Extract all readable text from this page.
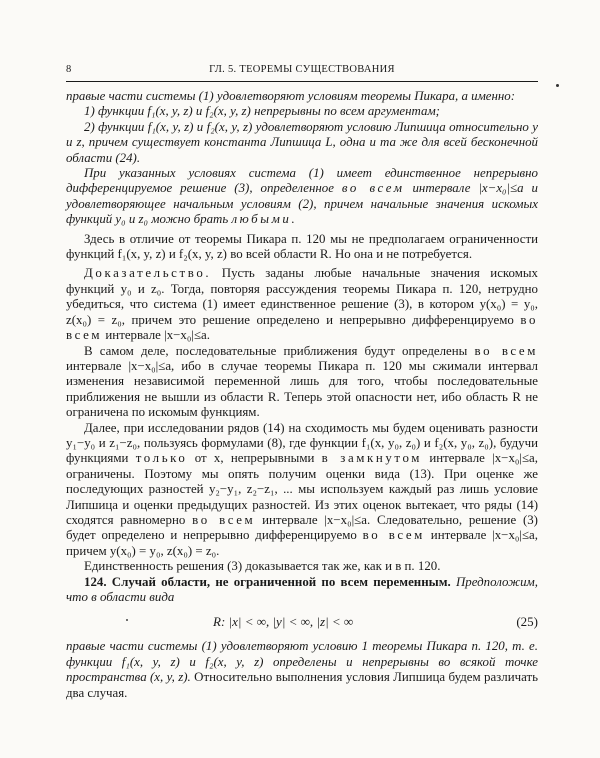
8	ГЛ. 5. ТЕОРЕМЫ СУЩЕСТВОВАНИЯ

правые части системы (1) удовлетворяют условиям теоремы Пикара, а именно:

1) функции f₁(x, y, z) и f₂(x, y, z) непрерывны по всем аргументам;

2) функции f₁(x, y, z) и f₂(x, y, z) удовлетворяют условию Липшица относительно y и z, причем существует константа Липшица L, одна и та же для всей бесконечной области (24).

При указанных условиях система (1) имеет единственное непрерывно дифференцируемое решение (3), определенное во всем интервале |x−x₀|≤a и удовлетворяющее начальным условиям (2), причем начальные значения искомых функций y₀ и z₀ можно брать любыми.

Здесь в отличие от теоремы Пикара п. 120 мы не предполагаем ограниченности функций f₁(x, y, z) и f₂(x, y, z) во всей области R. Но она и не потребуется.

Доказательство. Пусть заданы любые начальные значения искомых функций y₀ и z₀. Тогда, повторяя рассуждения теоремы Пикара п. 120, нетрудно убедиться, что система (1) имеет единственное решение (3), в котором y(x₀) = y₀, z(x₀) = z₀, причем это решение определено и непрерывно дифференцируемо во всем интервале |x−x₀|≤a.

В самом деле, последовательные приближения будут определены во всем интервале |x−x₀|≤a, ибо в случае теоремы Пикара п. 120 мы сжимали интервал изменения независимой переменной лишь для того, чтобы последовательные приближения не вышли из области R. Теперь этой опасности нет, ибо область R не ограничена по искомым функциям.

Далее, при исследовании рядов (14) на сходимость мы будем оценивать разности y₁−y₀ и z₁−z₀, пользуясь формулами (8), где функции f₁(x, y₀, z₀) и f₂(x, y₀, z₀), будучи функциями только от x, непрерывными в замкнутом интервале |x−x₀|≤a, ограничены. Поэтому мы опять получим оценки вида (13). При оценке же последующих разностей y₂−y₁, z₂−z₁, ... мы используем каждый раз лишь условие Липшица и оценки предыдущих разностей. Из этих оценок вытекает, что ряды (14) сходятся равномерно во всем интервале |x−x₀|≤a. Следовательно, решение (3) будет определено и непрерывно дифференцируемо во всем интервале |x−x₀|≤a, причем y(x₀) = y₀, z(x₀) = z₀.

Единственность решения (3) доказывается так же, как и в п. 120.

124. Случай области, не ограниченной по всем переменным. Предположим, что в области вида

R: |x| < ∞, |y| < ∞, |z| < ∞	(25)

правые части системы (1) удовлетворяют условию 1 теоремы Пикара п. 120, т. е. функции f₁(x, y, z) и f₂(x, y, z) определены и непрерывны во всякой точке пространства (x, y, z). Относительно выполнения условия Липшица будем различать два случая.
